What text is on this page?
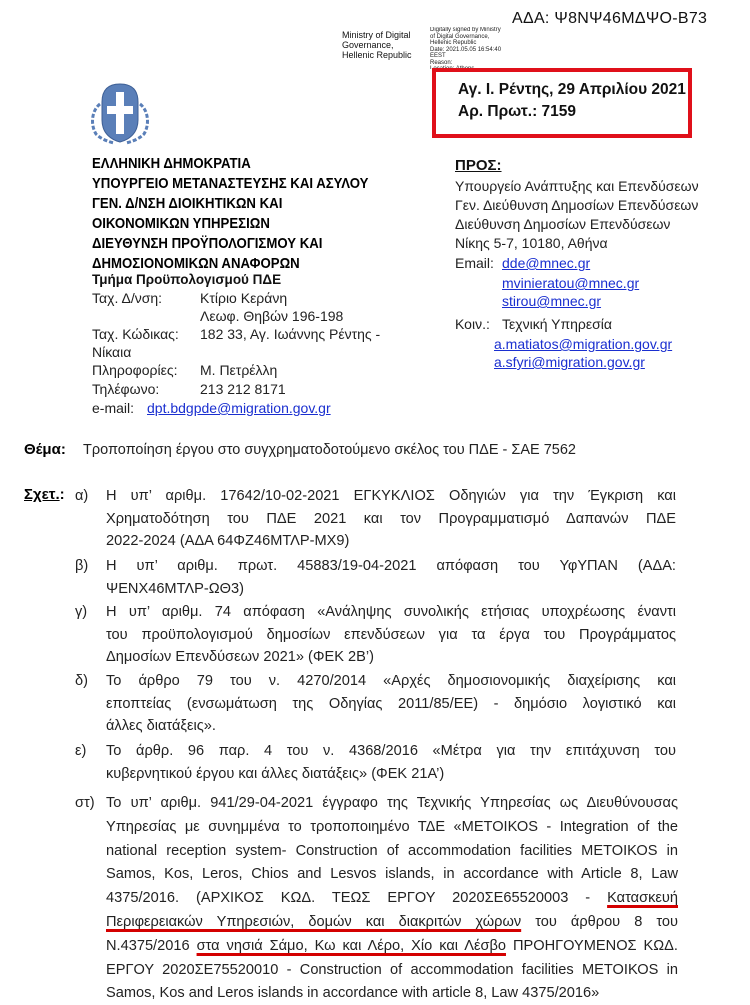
ΑΔΑ: Ψ8ΝΨ46ΜΔΨΟ-Β73
Ministry of Digital
Governance,
Hellenic Republic
Digitally signed by Ministry
of Digital Governance,
Hellenic Republic
Date: 2021.05.05 16:54:40
EEST
Reason:
Location: Athens
Αγ. Ι. Ρέντης, 29 Απριλίου 2021
Αρ. Πρωτ.: 7159
ΕΛΛΗΝΙΚΗ ΔΗΜΟΚΡΑΤΙΑ
ΥΠΟΥΡΓΕΙΟ ΜΕΤΑΝΑΣΤΕΥΣΗΣ ΚΑΙ ΑΣΥΛΟΥ
ΓΕΝ. Δ/ΝΣΗ ΔΙΟΙΚΗΤΙΚΩΝ ΚΑΙ
ΟΙΚΟΝΟΜΙΚΩΝ ΥΠΗΡΕΣΙΩΝ
ΔΙΕΥΘΥΝΣΗ ΠΡΟΫΠΟΛΟΓΙΣΜΟΥ ΚΑΙ
ΔΗΜΟΣΙΟΝΟΜΙΚΩΝ ΑΝΑΦΟΡΩΝ
Τμήμα Προϋπολογισμού ΠΔΕ
Ταχ. Δ/νση:	Κτίριο Κεράνη
Λεωφ. Θηβών 196-198
Ταχ. Κώδικας: 182 33, Αγ. Ιωάννης Ρέντης -
Νίκαια
Πληροφορίες: Μ. Πετρέλλη
Τηλέφωνο:	213 212 8171
e-mail: dpt.bdgpde@migration.gov.gr
ΠΡΟΣ:
Υπουργείο Ανάπτυξης και Επενδύσεων
Γεν. Διεύθυνση Δημοσίων Επενδύσεων
Διεύθυνση Δημοσίων Επενδύσεων
Νίκης 5-7, 10180, Αθήνα
Email: dde@mnec.gr
mvinieratou@mnec.gr
stirou@mnec.gr
Κοιν.: Τεχνική Υπηρεσία
a.matiatos@migration.gov.gr
a.sfyri@migration.gov.gr
Θέμα: Τροποποίηση έργου στο συγχρηματοδοτούμενο σκέλος του ΠΔΕ - ΣΑΕ 7562
Σχετ.: α) Η υπ’ αριθμ. 17642/10-02-2021 ΕΓΚΥΚΛΙΟΣ Οδηγιών για την Έγκριση και
Χρηματοδότηση του ΠΔΕ 2021 και τον Προγραμματισμό Δαπανών ΠΔΕ
2022-2024 (ΑΔΑ 64ΦΖ46ΜΤΛΡ-ΜΧ9)
β) Η υπ’ αριθμ. πρωτ. 45883/19-04-2021 απόφαση του ΥφΥΠΑΝ (ΑΔΑ:
ΨΕΝΧ46ΜΤΛΡ-ΩΘ3)
γ) Η υπ’ αριθμ. 74 απόφαση «Ανάληψης συνολικής ετήσιας υποχρέωσης έναντι
του προϋπολογισμού δημοσίων επενδύσεων για τα έργα του Προγράμματος
Δημοσίων Επενδύσεων 2021» (ΦΕΚ 2Β’)
δ) Το άρθρο 79 του ν. 4270/2014 «Αρχές δημοσιονομικής διαχείρισης και
εποπτείας (ενσωμάτωση της Οδηγίας 2011/85/ΕΕ) - δημόσιο λογιστικό και
άλλες διατάξεις».
ε) Το άρθρ. 96 παρ. 4 του ν. 4368/2016 «Μέτρα για την επιτάχυνση του
κυβερνητικού έργου και άλλες διατάξεις» (ΦΕΚ 21Α’)
στ) Το υπ’ αριθμ. 941/29-04-2021 έγγραφο της Τεχνικής Υπηρεσίας ως Διευθύνουσας
Υπηρεσίας με συνημμένα το τροποποιημένο ΤΔΕ «ΜΕΤΟΙΚΟS - Integration of the
national reception system- Construction of accommodation facilities ΜΕΤΟΙΚΟS in
Samos, Kos, Leros, Chios and Lesvos islands, in accordance with Article 8, Law
4375/2016. (ΑΡΧΙΚΟΣ ΚΩΔ. ΤΕΩΣ ΕΡΓΟΥ 2020ΣΕ65520003 - Κατασκευή
Περιφερειακών Υπηρεσιών, δομών και διακριτών χώρων του άρθρου 8 του
Ν.4375/2016 στα νησιά Σάμο, Κω και Λέρο, Χίο και Λέσβο ΠΡΟΗΓΟΥΜΕΝΟΣ ΚΩΔ.
ΕΡΓΟΥ 2020ΣΕ75520010 - Construction of accommodation facilities ΜΕΤΟΙΚΟS in
Samos, Kos and Leros islands in accordance with article 8, Law 4375/2016»
